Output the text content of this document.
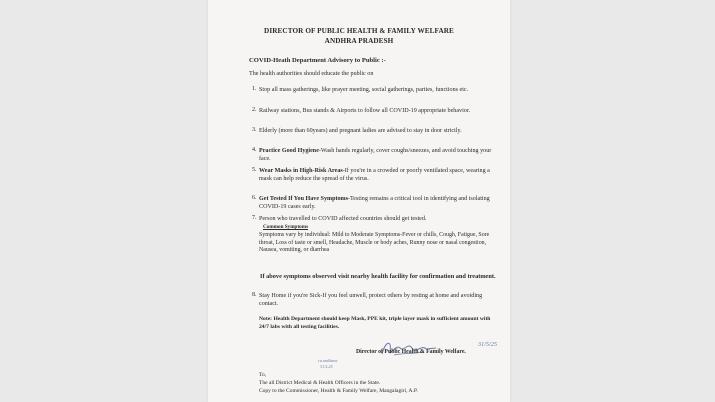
DIRECTOR OF PUBLIC HEALTH & FAMILY WELFARE
ANDHRA PRADESH
COVID-Heath Department Advisory to Public :-
The health authorities should educate the public on
1. Stop all mass gatherings, like prayer meeting, social gatherings, parties, functions etc.
2. Railway stations, Bus stands & Airports to follow all COVID-19 appropriate behavior.
3. Elderly (more than 60years) and pregnant ladies are advised to stay in door strictly.
4. Practice Good Hygiene-Wash hands regularly, cover coughs/sneezes, and avoid touching your face.
5. Wear Masks in High-Risk Areas-If you're in a crowded or poorly ventilated space, wearing a mask can help reduce the spread of the virus.
6. Get Tested If You Have Symptoms-Testing remains a critical tool in identifying and isolating COVID-19 cases early.
7. Person who travelled to COVID affected countries should get tested.
Common Symptoms
Symptoms vary by individual: Mild to Moderate Symptoms-Fever or chills, Cough, Fatigue, Sore throat, Loss of taste or smell, Headache, Muscle or body aches, Runny nose or nasal congestion, Nausea, vomiting, or diarrhea
If above symptoms observed visit nearby health facility for confirmation and treatment.
8. Stay Home if you're Sick-If you feel unwell, protect others by resting at home and avoiding contact.
Note: Health Department should keep Mask, PPE kit, triple layer mask in sufficient amount with 24/7 labs with all testing facilities.
31/5/25
Director of Public Health & Family Welfare.
ca.malkana
31.5.25
To,
The all District Medical & Health Officers in the State.
Copy to the Commissioner, Health & Family Welfare, Mangalagiri, A.P.
